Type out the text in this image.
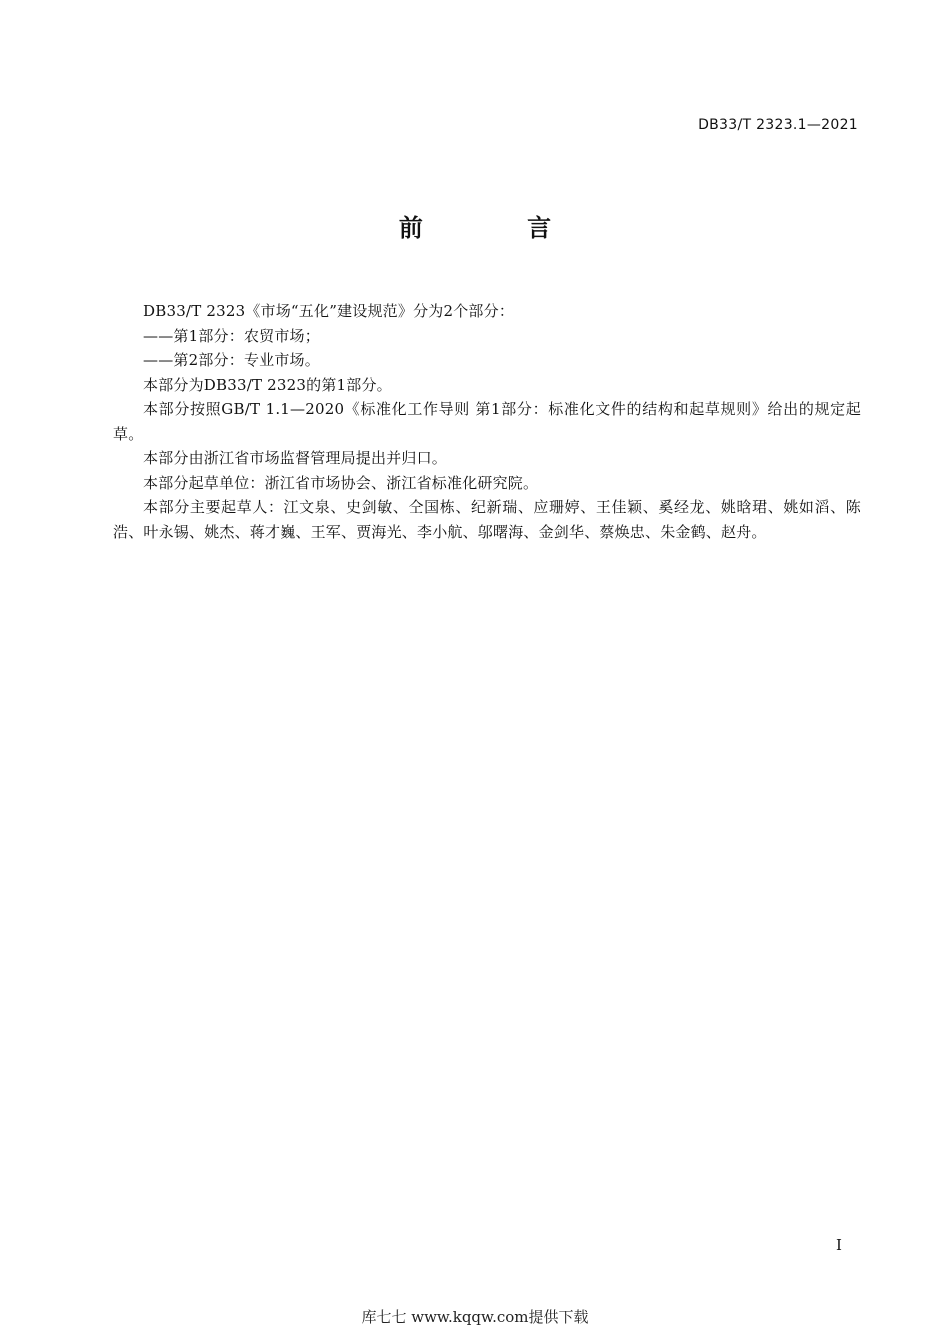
DB33/T 2323.1—2021
前 言

DB33/T 2323《市场“五化”建设规范》分为2个部分：

——第1部分：农贸市场；

——第2部分：专业市场。

本部分为DB33/T 2323的第1部分。

本部分按照GB/T 1.1—2020《标准化工作导则 第1部分：标准化文件的结构和起草规则》给出的规定起草。

本部分由浙江省市场监督管理局提出并归口。

本部分起草单位：浙江省市场协会、浙江省标准化研究院。

本部分主要起草人：江文泉、史剑敏、仝国栋、纪新瑞、应珊婷、王佳颖、奚经龙、姚晗珺、姚如滔、陈浩、叶永锡、姚杰、蒋才巍、王军、贾海光、李小航、邬曙海、金剑华、蔡焕忠、朱金鹤、赵舟。

I
库七七 www.kqqw.com提供下载
